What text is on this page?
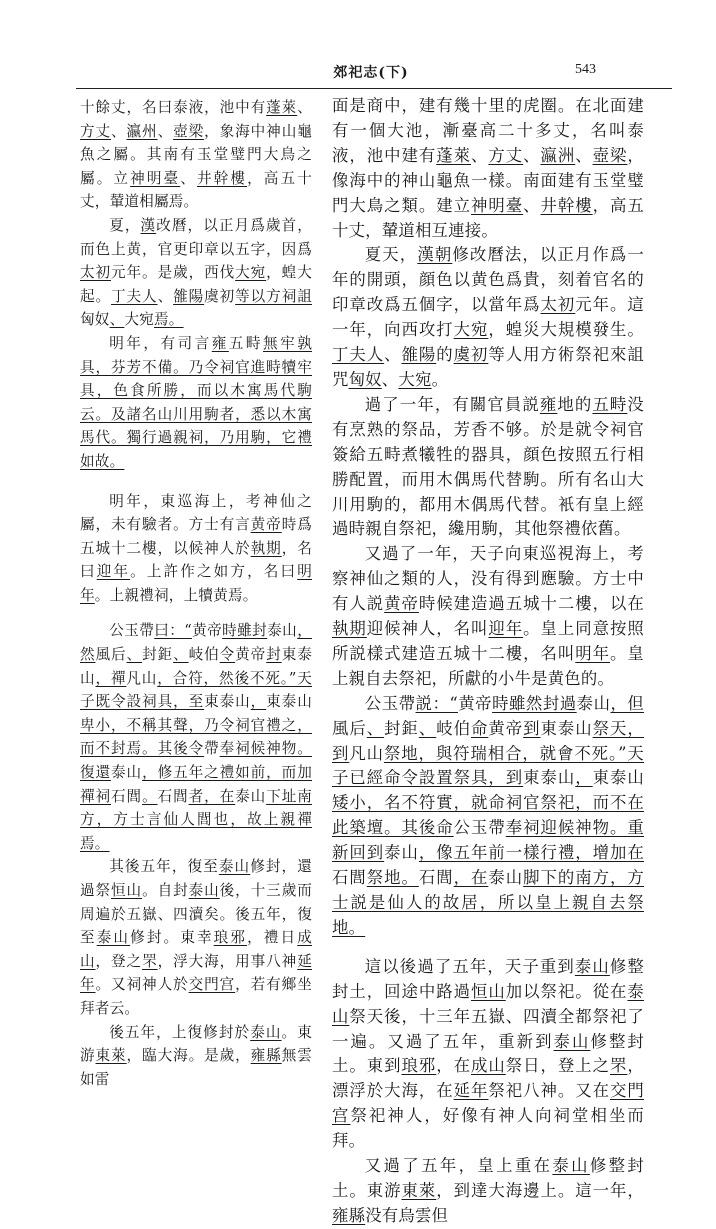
郊祀志(下)	543

十餘丈，名曰泰液，池中有蓬萊、方丈、瀛州、壺梁，象海中神山龜魚之屬。其南有玉堂璧門大鳥之屬。立神明臺、井幹樓，高五十丈，輦道相屬焉。

夏，漢改曆，以正月爲歲首，而色上黄，官更印章以五字，因爲太初元年。是歲，西伐大宛，蝗大起。丁夫人、雒陽虞初等以方祠詛匈奴、大宛焉。

明年，有司言雍五畤無牢孰具，芬芳不備。乃令祠官進畤犢牢具，色食所勝，而以木寓馬代駒云。及諸名山川用駒者，悉以木寓馬代。獨行過親祠，乃用駒，它禮如故。

明年，東巡海上，考神仙之屬，未有驗者。方士有言黄帝時爲五城十二樓，以候神人於執期，名曰迎年。上許作之如方，名曰明年。上親禮祠，上犢黄焉。

公玉帶曰：“黄帝時雖封泰山，然風后、封鉅、岐伯令黄帝封東泰山，禪凡山，合符，然後不死。”天子既令設祠具，至東泰山，東泰山卑小，不稱其聲，乃令祠官禮之，而不封焉。其後令帶奉祠候神物。復還泰山，修五年之禮如前，而加禪祠石閭。石閭者，在泰山下址南方，方士言仙人閭也，故上親禪焉。

其後五年，復至泰山修封，還過祭恒山。自封泰山後，十三歲而周遍於五嶽、四瀆矣。後五年，復至泰山修封。東幸琅邪，禮日成山，登之罘，浮大海，用事八神延年。又祠神人於交門宫，若有鄉坐拜者云。

後五年，上復修封於泰山。東游東萊，臨大海。是歲，雍縣無雲如雷

面是商中，建有幾十里的虎圈。在北面建有一個大池，漸臺高二十多丈，名叫泰液，池中建有蓬萊、方丈、瀛洲、壺梁，像海中的神山龜魚一樣。南面建有玉堂璧門大鳥之類。建立神明臺、井幹樓，高五十丈，輦道相互連接。

夏天，漢朝修改曆法，以正月作爲一年的開頭，顔色以黄色爲貴，刻着官名的印章改爲五個字，以當年爲太初元年。這一年，向西攻打大宛，蝗災大規模發生。丁夫人、雒陽的虞初等人用方術祭祀來詛咒匈奴、大宛。

過了一年，有關官員説雍地的五畤没有烹熟的祭品，芳香不够。於是就令祠官簽給五畤煮犧牲的器具，顔色按照五行相勝配置，而用木偶馬代替駒。所有名山大川用駒的，都用木偶馬代替。衹有皇上經過時親自祭祀，纔用駒，其他祭禮依舊。

又過了一年，天子向東巡視海上，考察神仙之類的人，没有得到應驗。方士中有人説黄帝時候建造過五城十二樓，以在執期迎候神人，名叫迎年。皇上同意按照所説樣式建造五城十二樓，名叫明年。皇上親自去祭祀，所獻的小牛是黄色的。

公玉帶説：“黄帝時雖然封過泰山，但風后、封鉅、岐伯命黄帝到東泰山祭天，到凡山祭地，與符瑞相合，就會不死。”天子已經命令設置祭具，到東泰山，東泰山矮小，名不符實，就命祠官祭祀，而不在此築壇。其後命公玉帶奉祠迎候神物。重新回到泰山，像五年前一樣行禮，增加在石閭祭地。石閭，在泰山脚下的南方，方士説是仙人的故居，所以皇上親自去祭地。

這以後過了五年，天子重到泰山修整封土，回途中路過恒山加以祭祀。從在泰山祭天後，十三年五嶽、四瀆全都祭祀了一遍。又過了五年，重新到泰山修整封土。東到琅邪，在成山祭日，登上之罘，漂浮於大海，在延年祭祀八神。又在交門宫祭祀神人，好像有神人向祠堂相坐而拜。

又過了五年，皇上重在泰山修整封土。東游東萊，到達大海邊上。這一年，雍縣没有烏雲但
